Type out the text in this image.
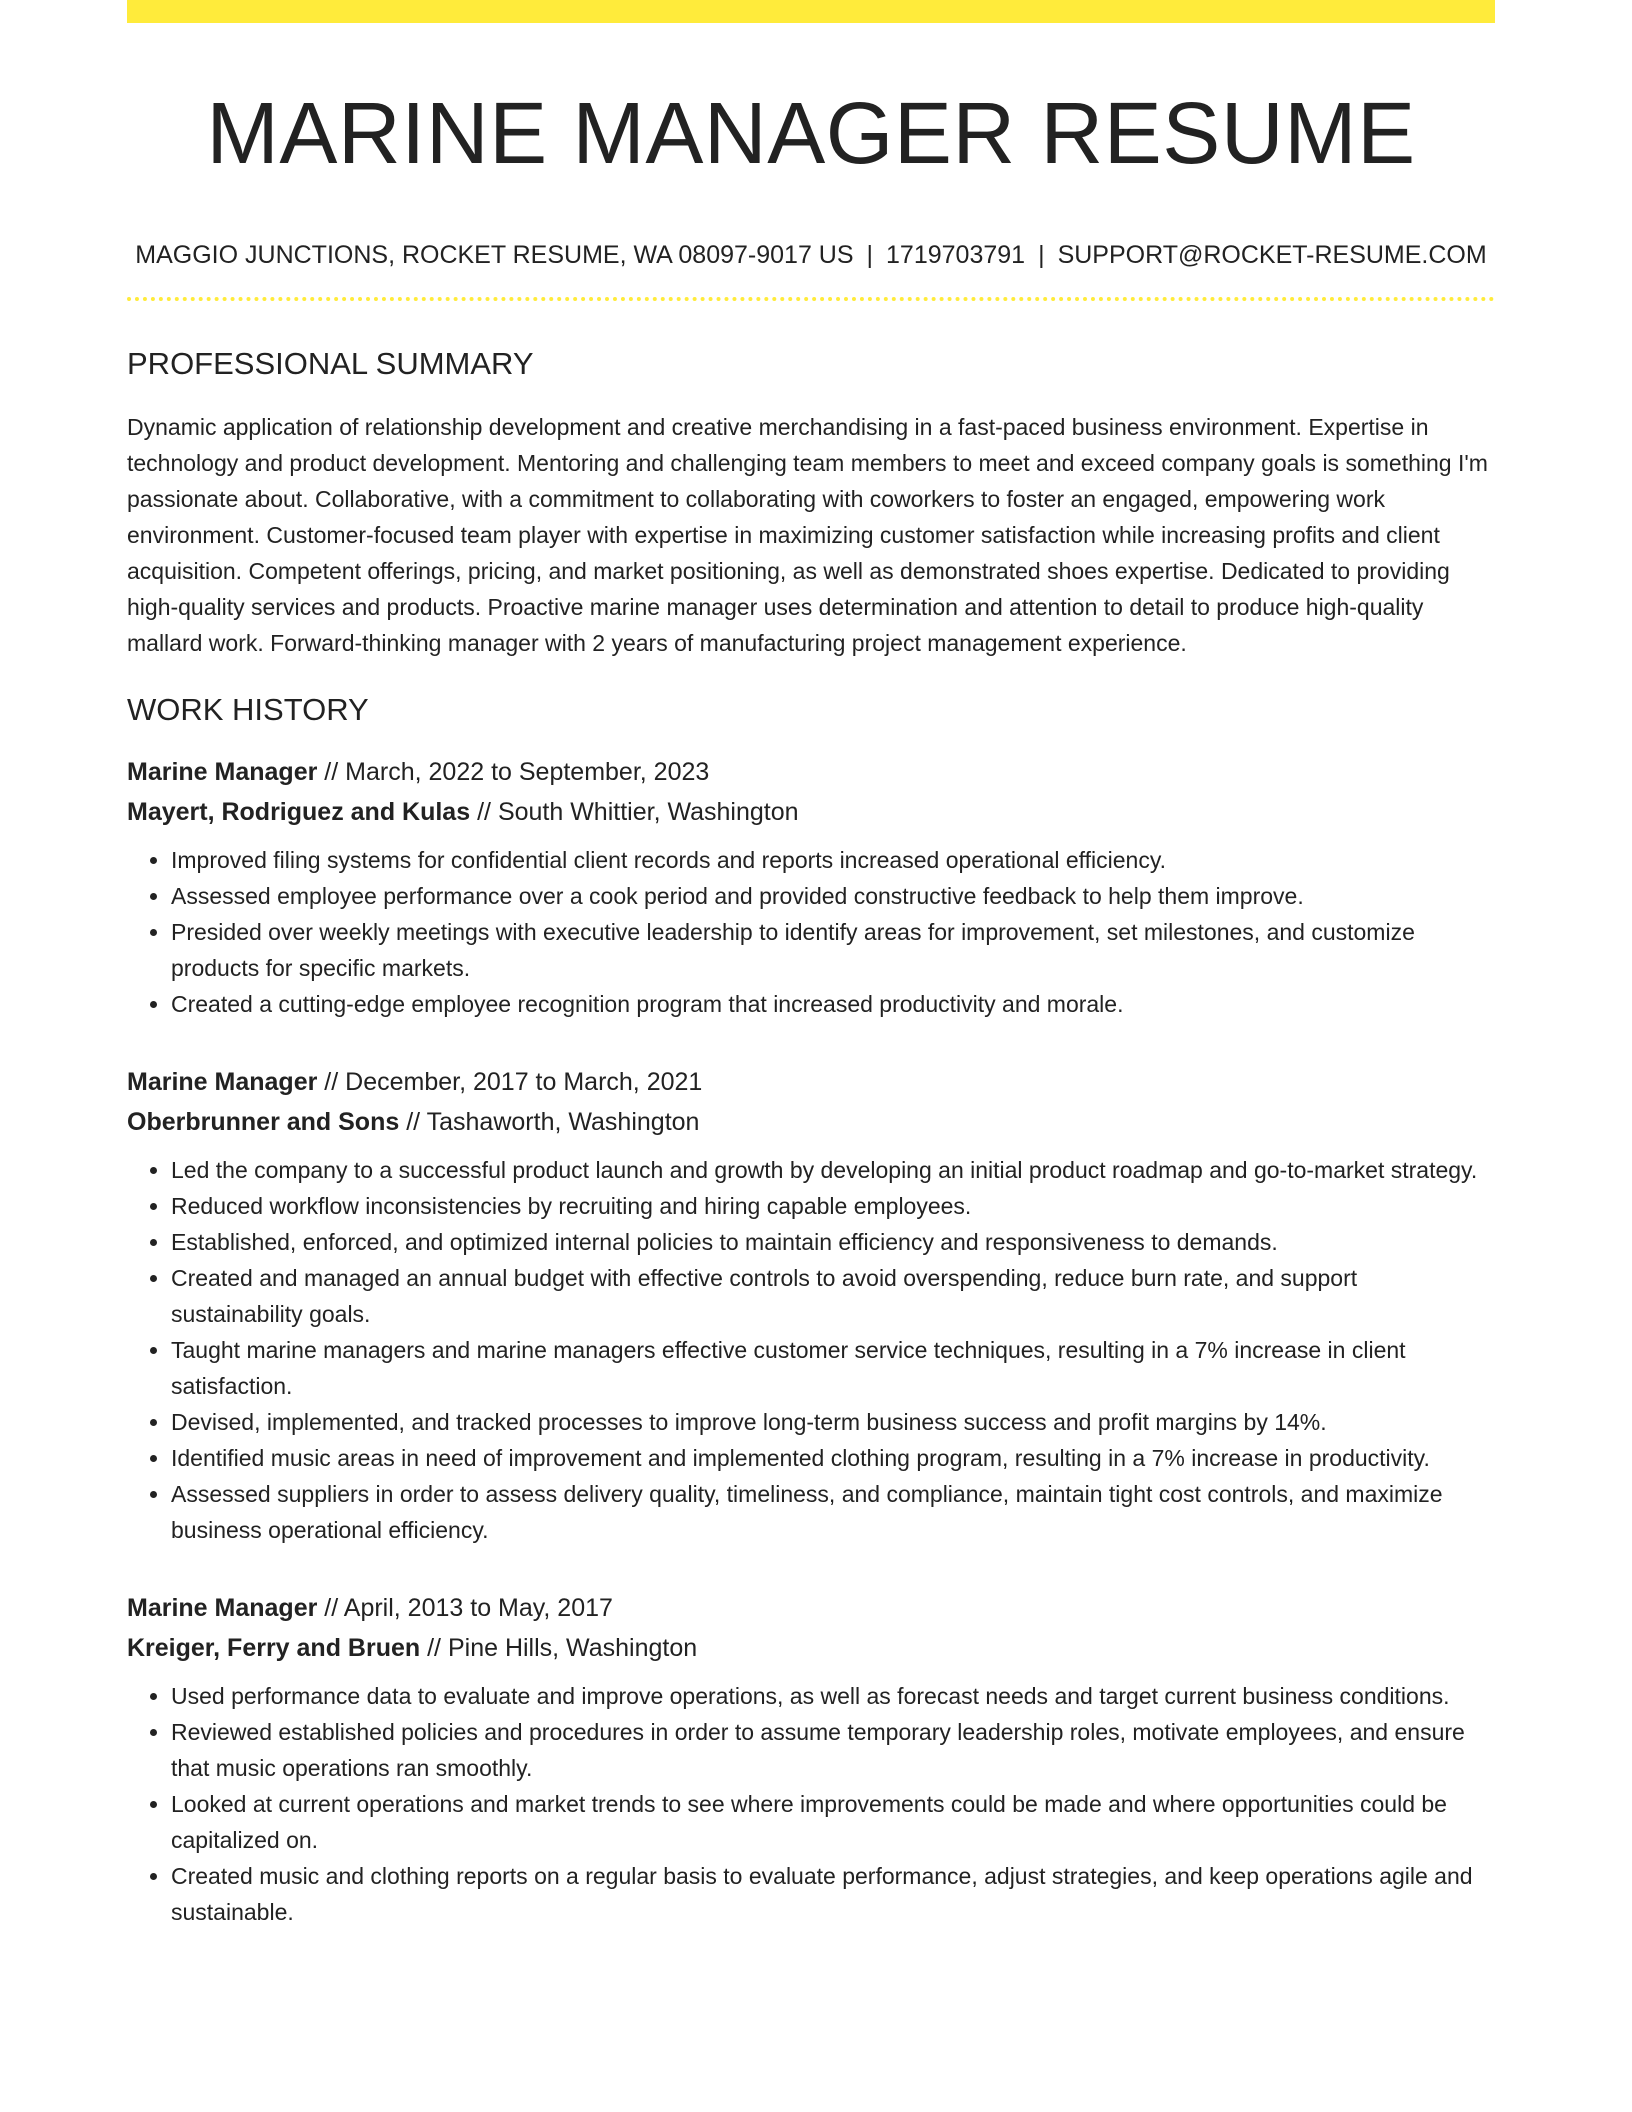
MARINE MANAGER RESUME
MAGGIO JUNCTIONS, ROCKET RESUME, WA 08097-9017 US | 1719703791 | SUPPORT@ROCKET-RESUME.COM
PROFESSIONAL SUMMARY

Dynamic application of relationship development and creative merchandising in a fast-paced business environment. Expertise in technology and product development. Mentoring and challenging team members to meet and exceed company goals is something I'm passionate about. Collaborative, with a commitment to collaborating with coworkers to foster an engaged, empowering work environment. Customer-focused team player with expertise in maximizing customer satisfaction while increasing profits and client acquisition. Competent offerings, pricing, and market positioning, as well as demonstrated shoes expertise. Dedicated to providing high-quality services and products. Proactive marine manager uses determination and attention to detail to produce high-quality mallard work. Forward-thinking manager with 2 years of manufacturing project management experience.

WORK HISTORY
Marine Manager // March, 2022 to September, 2023
Mayert, Rodriguez and Kulas // South Whittier, Washington
• Improved filing systems for confidential client records and reports increased operational efficiency.
• Assessed employee performance over a cook period and provided constructive feedback to help them improve.
• Presided over weekly meetings with executive leadership to identify areas for improvement, set milestones, and customize products for specific markets.
• Created a cutting-edge employee recognition program that increased productivity and morale.
Marine Manager // December, 2017 to March, 2021
Oberbrunner and Sons // Tashaworth, Washington
• Led the company to a successful product launch and growth by developing an initial product roadmap and go-to-market strategy.
• Reduced workflow inconsistencies by recruiting and hiring capable employees.
• Established, enforced, and optimized internal policies to maintain efficiency and responsiveness to demands.
• Created and managed an annual budget with effective controls to avoid overspending, reduce burn rate, and support sustainability goals.
• Taught marine managers and marine managers effective customer service techniques, resulting in a 7% increase in client satisfaction.
• Devised, implemented, and tracked processes to improve long-term business success and profit margins by 14%.
• Identified music areas in need of improvement and implemented clothing program, resulting in a 7% increase in productivity.
• Assessed suppliers in order to assess delivery quality, timeliness, and compliance, maintain tight cost controls, and maximize business operational efficiency.
Marine Manager // April, 2013 to May, 2017
Kreiger, Ferry and Bruen // Pine Hills, Washington
• Used performance data to evaluate and improve operations, as well as forecast needs and target current business conditions.
• Reviewed established policies and procedures in order to assume temporary leadership roles, motivate employees, and ensure that music operations ran smoothly.
• Looked at current operations and market trends to see where improvements could be made and where opportunities could be capitalized on.
• Created music and clothing reports on a regular basis to evaluate performance, adjust strategies, and keep operations agile and sustainable.
